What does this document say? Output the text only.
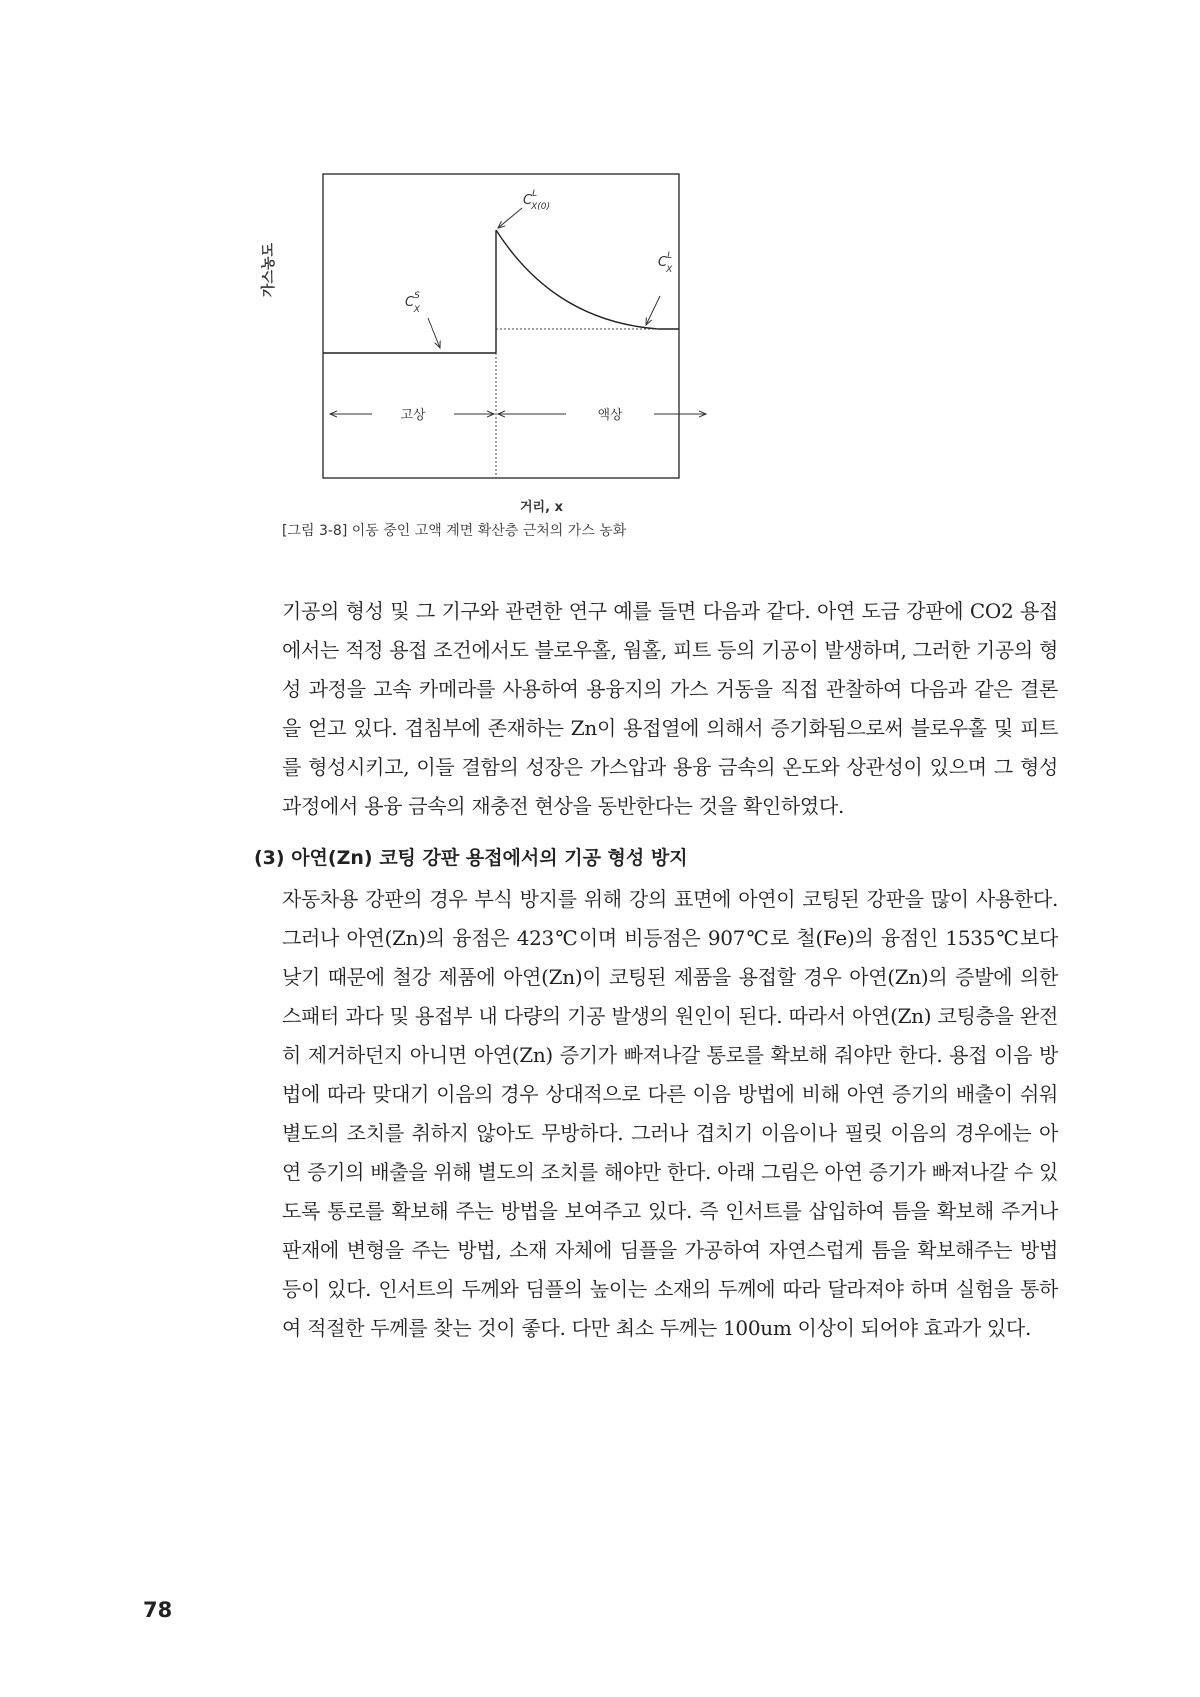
$C^S$ X
$C^L$ X(0)
$C^L$ X
고상	액상
가스농도
거리, x
[그림 3-8] 이동 중인 고액 계면 확산층 근처의 가스 농화

기공의 형성 및 그 기구와 관련한 연구 예를 들면 다음과 같다. 아연 도금 강판에 CO2 용접에서는 적정 용접 조건에서도 블로우홀, 웜홀, 피트 등의 기공이 발생하며, 그러한 기공의 형성 과정을 고속 카메라를 사용하여 용융지의 가스 거동을 직접 관찰하여 다음과 같은 결론을 얻고 있다. 겹침부에 존재하는 Zn이 용접열에 의해서 증기화됨으로써 블로우홀 및 피트를 형성시키고, 이들 결함의 성장은 가스압과 용융 금속의 온도와 상관성이 있으며 그 형성 과정에서 용융 금속의 재충전 현상을 동반한다는 것을 확인하였다.

(3) 아연(Zn) 코팅 강판 용접에서의 기공 형성 방지

자동차용 강판의 경우 부식 방지를 위해 강의 표면에 아연이 코팅된 강판을 많이 사용한다. 그러나 아연(Zn)의 융점은 423℃이며 비등점은 907℃로 철(Fe)의 융점인 1535℃보다 낮기 때문에 철강 제품에 아연(Zn)이 코팅된 제품을 용접할 경우 아연(Zn)의 증발에 의한 스패터 과다 및 용접부 내 다량의 기공 발생의 원인이 된다. 따라서 아연(Zn) 코팅층을 완전히 제거하던지 아니면 아연(Zn) 증기가 빠져나갈 통로를 확보해 줘야만 한다. 용접 이음 방법에 따라 맞대기 이음의 경우 상대적으로 다른 이음 방법에 비해 아연 증기의 배출이 쉬워 별도의 조치를 취하지 않아도 무방하다. 그러나 겹치기 이음이나 필릿 이음의 경우에는 아연 증기의 배출을 위해 별도의 조치를 해야만 한다. 아래 그림은 아연 증기가 빠져나갈 수 있도록 통로를 확보해 주는 방법을 보여주고 있다. 즉 인서트를 삽입하여 틈을 확보해 주거나 판재에 변형을 주는 방법, 소재 자체에 딤플을 가공하여 자연스럽게 틈을 확보해주는 방법 등이 있다. 인서트의 두께와 딤플의 높이는 소재의 두께에 따라 달라져야 하며 실험을 통하여 적절한 두께를 찾는 것이 좋다. 다만 최소 두께는 100um 이상이 되어야 효과가 있다.

78
